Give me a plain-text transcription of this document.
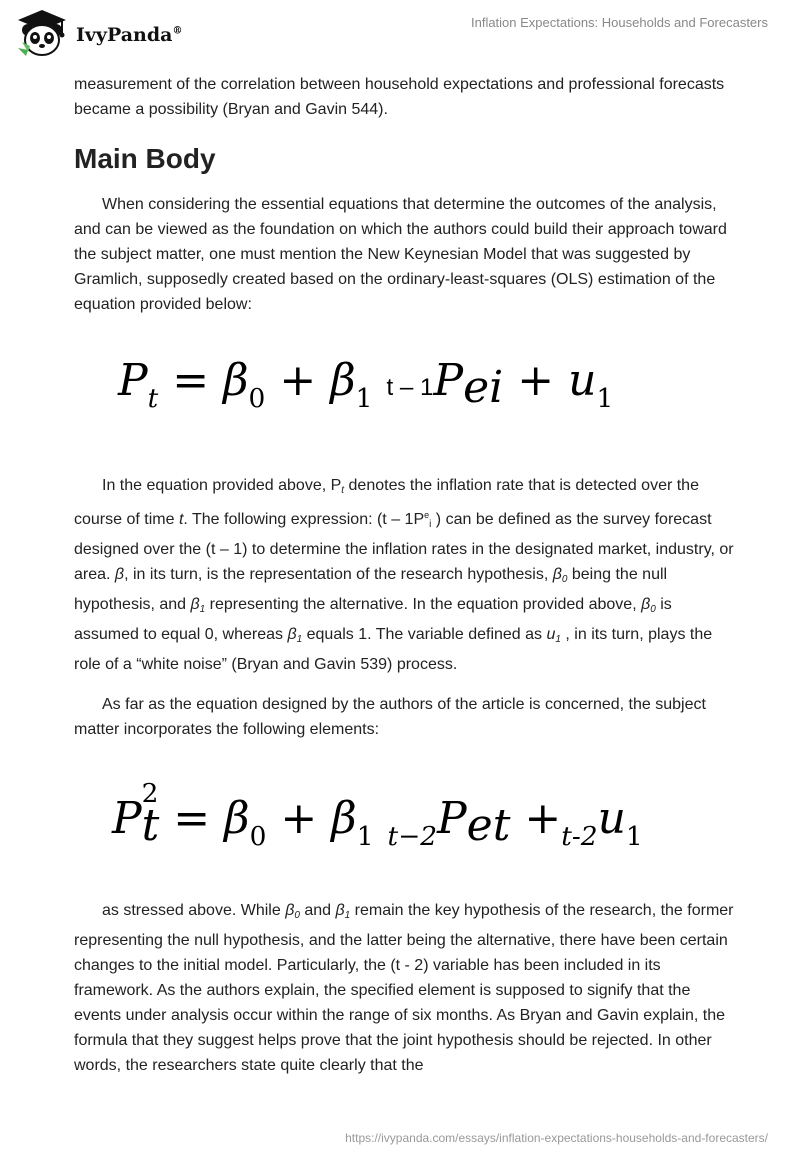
IvyPanda®
Inflation Expectations: Households and Forecasters

measurement of the correlation between household expectations and professional forecasts became a possibility (Bryan and Gavin 544).

Main Body

When considering the essential equations that determine the outcomes of the analysis, and can be viewed as the foundation on which the authors could build their approach toward the subject matter, one must mention the New Keynesian Model that was suggested by Gramlich, supposedly created based on the ordinary-least-squares (OLS) estimation of the equation provided below:

$P_t = \beta_0 + \beta_1$ $t - 1Pei + u_1$

In the equation provided above, Pt denotes the inflation rate that is detected over the course of time t. The following expression: (t – 1P$^e$i ) can be defined as the survey forecast designed over the (t – 1) to determine the inflation rates in the designated market, industry, or area. β, in its turn, is the representation of the research hypothesis, β0 being the null hypothesis, and β1 representing the alternative. In the equation provided above, β0 is assumed to equal 0, whereas β1 equals 1. The variable defined as u1 , in its turn, plays the role of a “white noise” (Bryan and Gavin 539) process.

As far as the equation designed by the authors of the article is concerned, the subject matter incorporates the following elements:

P 2
$t = \beta_0 + \beta_1$ $_{t-2}Pet +_{t-2}u_1$

as stressed above. While β0 and β1 remain the key hypothesis of the research, the former representing the null hypothesis, and the latter being the alternative, there have been certain changes to the initial model. Particularly, the (t - 2) variable has been included in its framework. As the authors explain, the specified element is supposed to signify that the events under analysis occur within the range of six months. As Bryan and Gavin explain, the formula that they suggest helps prove that the joint hypothesis should be rejected. In other words, the researchers state quite clearly that the

https://ivypanda.com/essays/inflation-expectations-households-and-forecasters/
